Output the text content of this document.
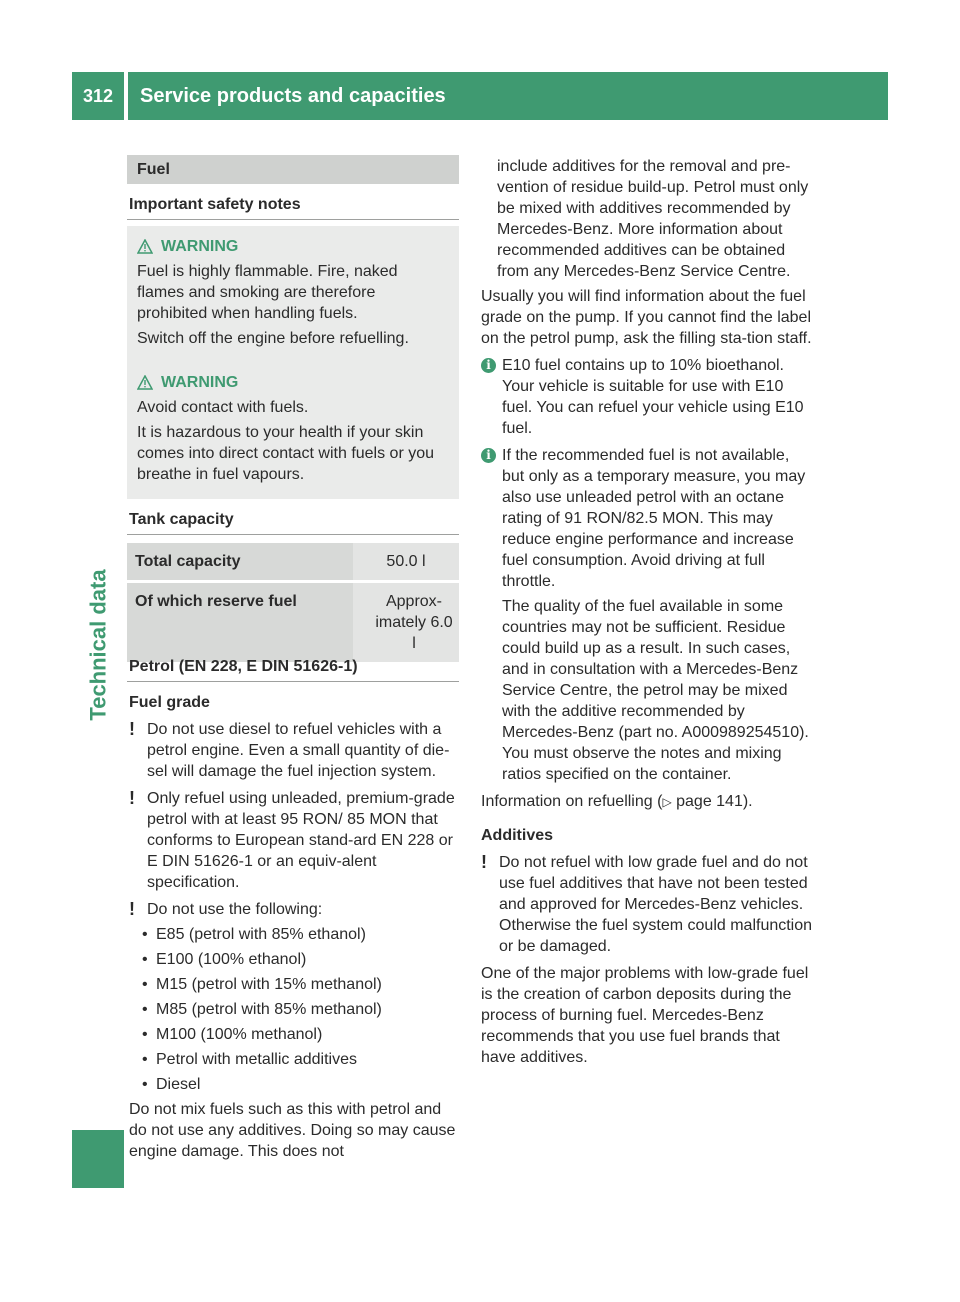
312	Service products and capacities
Technical data
Fuel
Important safety notes
WARNING

Fuel is highly flammable. Fire, naked flames and smoking are therefore prohibited when handling fuels.

Switch off the engine before refuelling.

WARNING

Avoid contact with fuels.

It is hazardous to your health if your skin comes into direct contact with fuels or you breathe in fuel vapours.

Tank capacity
Total capacity	50.0 l
Of which reserve fuel	Approx-imately 6.0 l
Petrol (EN 228, E DIN 51626-1)
Fuel grade
! Do not use diesel to refuel vehicles with a petrol engine. Even a small quantity of die-sel will damage the fuel injection system.
! Only refuel using unleaded, premium-grade petrol with at least 95 RON/ 85 MON that conforms to European stand-ard EN 228 or E DIN 51626-1 or an equiv-alent specification.
! Do not use the following:
• E85 (petrol with 85% ethanol)
• E100 (100% ethanol)
• M15 (petrol with 15% methanol)
• M85 (petrol with 85% methanol)
• M100 (100% methanol)
• Petrol with metallic additives
• Diesel

Do not mix fuels such as this with petrol and do not use any additives. Doing so may cause engine damage. This does not

include additives for the removal and pre-vention of residue build-up. Petrol must only be mixed with additives recommended by Mercedes-Benz. More information about recommended additives can be obtained from any Mercedes-Benz Service Centre.

Usually you will find information about the fuel grade on the pump. If you cannot find the label on the petrol pump, ask the filling sta-tion staff.

i E10 fuel contains up to 10% bioethanol. Your vehicle is suitable for use with E10 fuel. You can refuel your vehicle using E10 fuel.
i If the recommended fuel is not available, but only as a temporary measure, you may also use unleaded petrol with an octane rating of 91 RON/82.5 MON. This may reduce engine performance and increase fuel consumption. Avoid driving at full throttle.
The quality of the fuel available in some countries may not be sufficient. Residue could build up as a result. In such cases, and in consultation with a Mercedes-Benz Service Centre, the petrol may be mixed with the additive recommended by Mercedes-Benz (part no. A000989254510). You must observe the notes and mixing ratios specified on the container.

Information on refuelling (▷ page 141).

Additives
! Do not refuel with low grade fuel and do not use fuel additives that have not been tested and approved for Mercedes-Benz vehicles. Otherwise the fuel system could malfunction or be damaged.

One of the major problems with low-grade fuel is the creation of carbon deposits during the process of burning fuel. Mercedes-Benz recommends that you use fuel brands that have additives.
